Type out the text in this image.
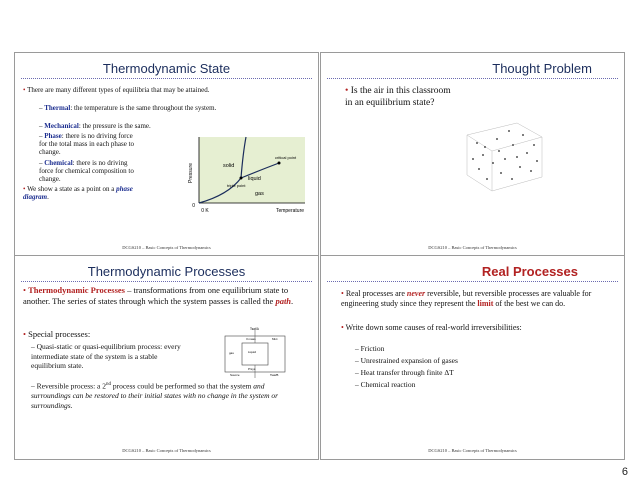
Thermodynamic State
• There are many different types of equilibria that may be attained.
– Thermal: the temperature is the same throughout the system.
– Mechanical: the pressure is the same.
– Phase: there is no driving force for the total mass in each phase to change.
– Chemical: there is no driving force for chemical composition to change.
• We show a state as a point on a phase diagram.
Pressure
Temperature
0
0 K
solid
liquid
gas
triple point
critical point
DCGS210 – Basic Concepts of Thermodynamics
Thought Problem
• Is the air in this classroom in an equilibrium state?
DCGS210 – Basic Concepts of Thermodynamics
Thermodynamic Processes
• Thermodynamic Processes – transformations from one equilibrium state to another. The series of states through which the system passes is called the path.
• Special processes:
– Quasi-static or quasi-equilibrium process: every intermediate state of the system is a stable equilibrium state.
– Reversible process: a 2nd process could be performed so that the system and surroundings can be restored to their initial states with no change in the system or surroundings.
Tsat/A
II mass	Mixt
Liquid
gas
Source	Tsat/B
P/sys
DCGS210 – Basic Concepts of Thermodynamics
Real Processes
• Real processes are never reversible, but reversible processes are valuable for engineering study since they represent the limit of the best we can do.
• Write down some causes of real-world irreversibilities:
– Friction
– Unrestrained expansion of gases
– Heat transfer through finite ΔT
– Chemical reaction
DCGS210 – Basic Concepts of Thermodynamics
6
